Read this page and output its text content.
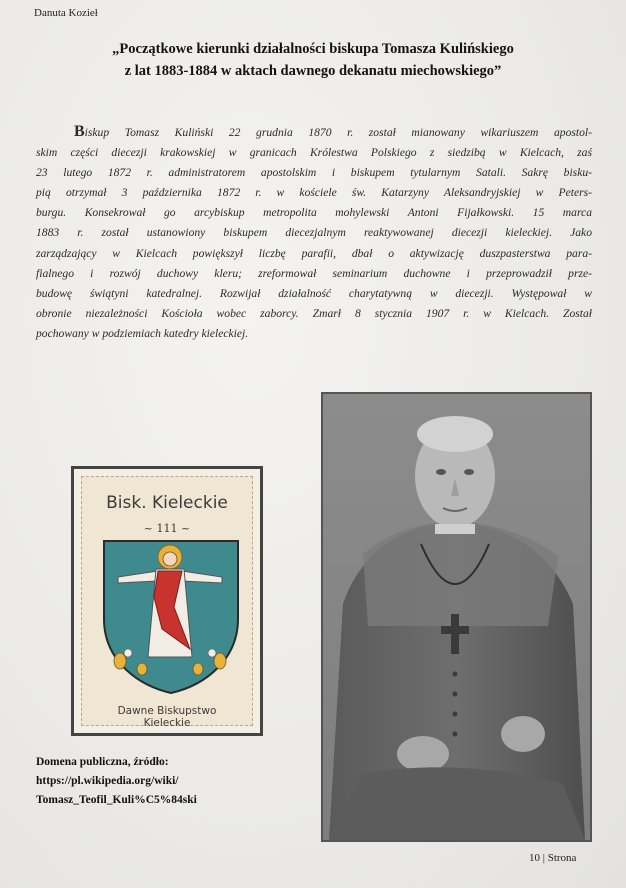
Danuta Kozieł
„Początkowe kierunki działalności biskupa Tomasza Kulińskiego
z lat 1883-1884 w aktach dawnego dekanatu miechowskiego”
Biskup Tomasz Kuliński 22 grudnia 1870 r. został mianowany wikariuszem apostol-
skim części diecezji krakowskiej w granicach Królestwa Polskiego z siedzibą w Kielcach, zaś
23 lutego 1872 r. administratorem apostolskim i biskupem tytularnym Satali. Sakrę bisku-
pią otrzymał 3 października 1872 r. w kościele św. Katarzyny Aleksandryjskiej w Peters-
burgu. Konsekrował go arcybiskup metropolita mohylewski Antoni Fijałkowski. 15 marca
1883 r. został ustanowiony biskupem diecezjalnym reaktywowanej diecezji kieleckiej. Jako
zarządzający w Kielcach powiększył liczbę parafii, dbał o aktywizację duszpasterstwa para-
fialnego i rozwój duchowy kleru; zreformował seminarium duchowne i przeprowadził prze-
budowę świątyni katedralnej. Rozwijał działalność charytatywną w diecezji. Występował w
obronie niezależności Kościoła wobec zaborcy. Zmarł 8 stycznia 1907 r. w Kielcach. Został
pochowany w podziemiach katedry kieleckiej.
Bisk. Kieleckie
~ 111 ~
Dawne Biskupstwo
Kieleckie
Domena publiczna, źródło:
https://pl.wikipedia.org/wiki/
Tomasz_Teofil_Kuli%C5%84ski
10 | Strona
